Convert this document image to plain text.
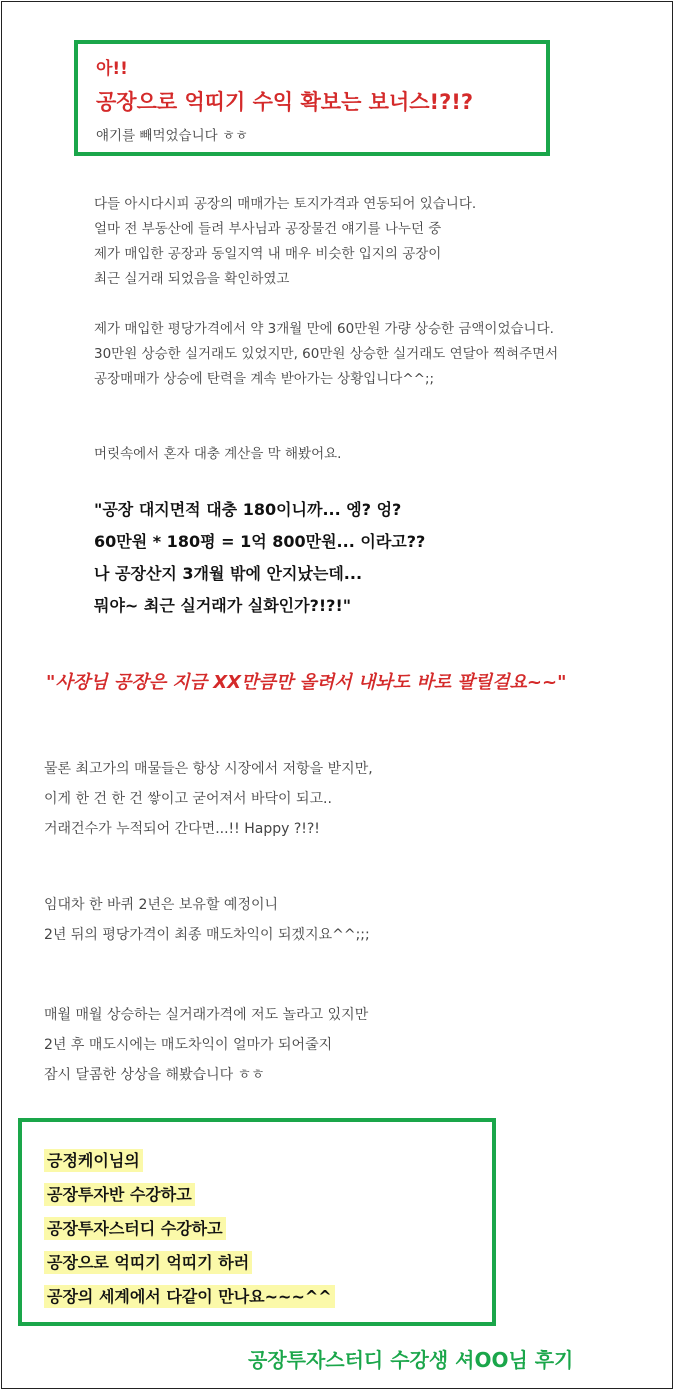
아!!
공장으로 억띠기 수익 확보는 보너스!?!?
얘기를 빼먹었습니다 ㅎㅎ
다들 아시다시피 공장의 매매가는 토지가격과 연동되어 있습니다.
얼마 전 부동산에 들려 부사님과 공장물건 얘기를 나누던 중
제가 매입한 공장과 동일지역 내 매우 비슷한 입지의 공장이
최근 실거래 되었음을 확인하였고
제가 매입한 평당가격에서 약 3개월 만에 60만원 가량 상승한 금액이었습니다.
30만원 상승한 실거래도 있었지만, 60만원 상승한 실거래도 연달아 찍혀주면서
공장매매가 상승에 탄력을 계속 받아가는 상황입니다^^;;
머릿속에서 혼자 대충 계산을 막 해봤어요.
"공장 대지면적 대충 180이니까... 엥? 엉?
60만원 * 180평 = 1억 800만원... 이라고??
나 공장산지 3개월 밖에 안지났는데...
뭐야~ 최근 실거래가 실화인가?!?!"
"사장님 공장은 지금 XX만큼만 올려서 내놔도 바로 팔릴걸요~~"
물론 최고가의 매물들은 항상 시장에서 저항을 받지만,
이게 한 건 한 건 쌓이고 굳어져서 바닥이 되고..
거래건수가 누적되어 간다면...!! Happy ?!?!
임대차 한 바퀴 2년은 보유할 예정이니
2년 뒤의 평당가격이 최종 매도차익이 되겠지요^^;;;
매월 매월 상승하는 실거래가격에 저도 놀라고 있지만
2년 후 매도시에는 매도차익이 얼마가 되어줄지
잠시 달콤한 상상을 해봤습니다 ㅎㅎ
긍정케이님의
공장투자반 수강하고
공장투자스터디 수강하고
공장으로 억띠기 억띠기 하러
공장의 세계에서 다같이 만나요~~~^^
공장투자스터디 수강생 셔OO님 후기
